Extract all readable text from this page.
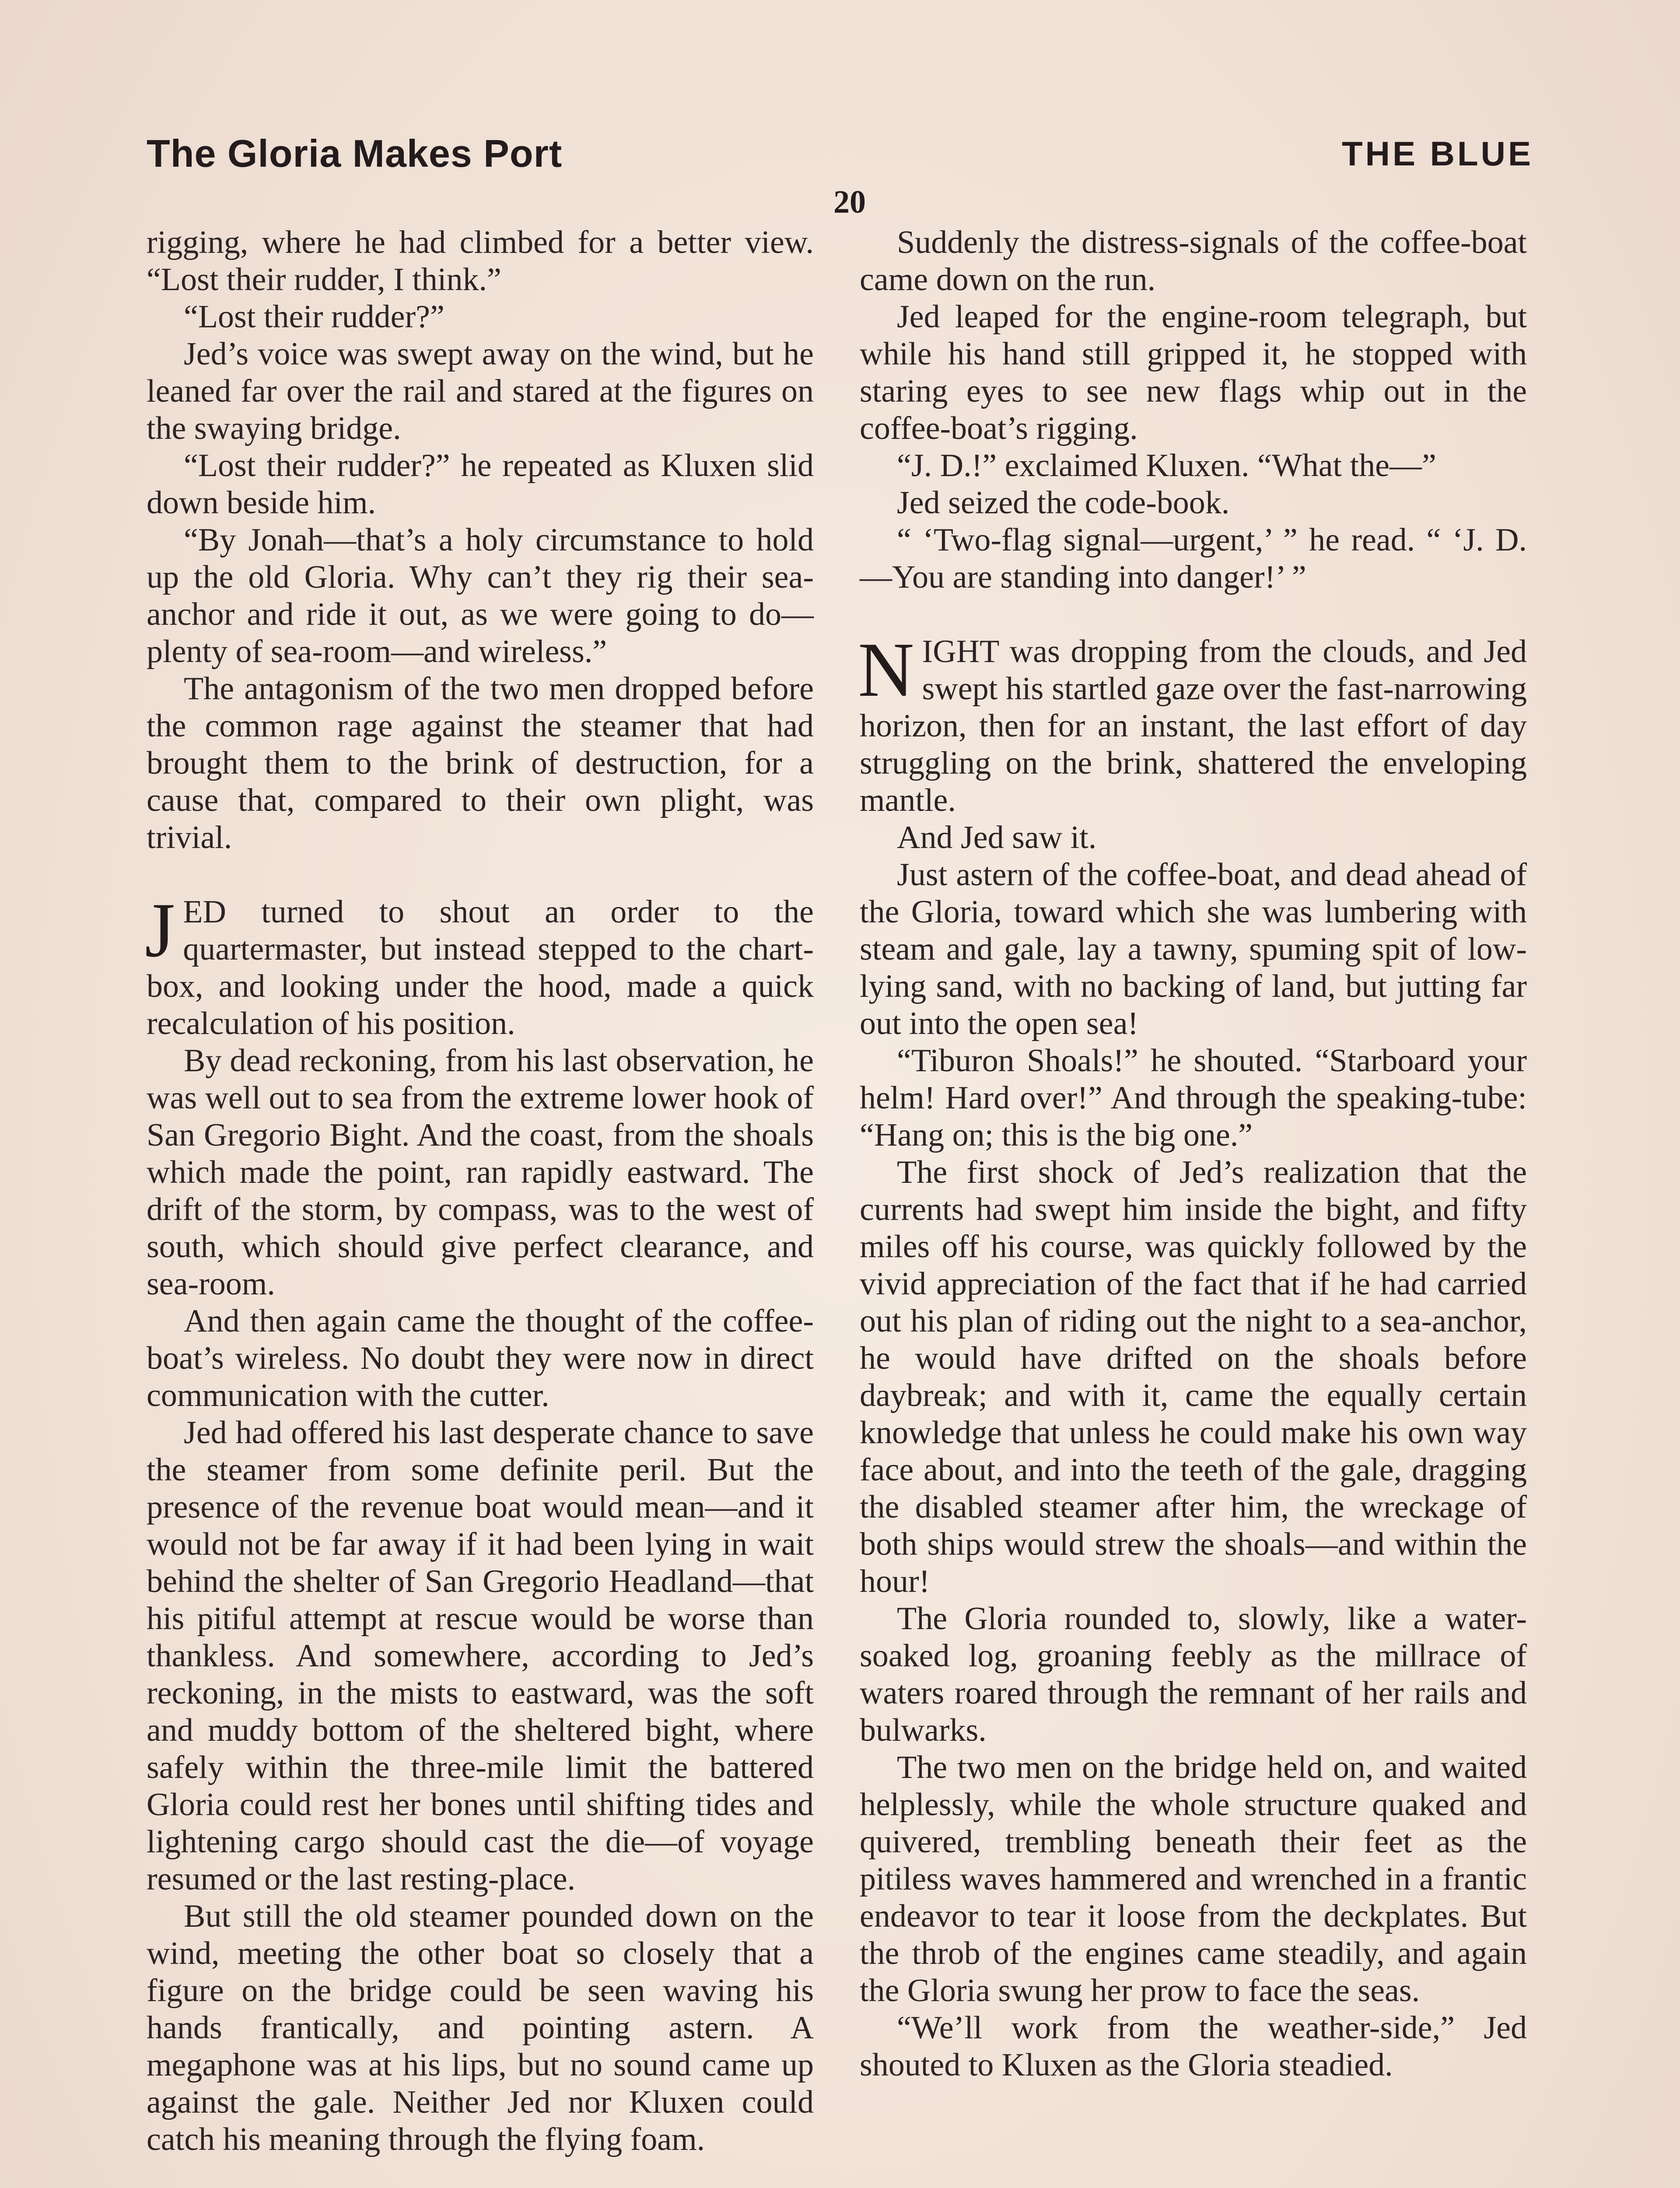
The Gloria Makes Port	THE BLUE
20

rigging, where he had climbed for a better view. “Lost their rudder, I think.”

“Lost their rudder?”

Jed’s voice was swept away on the wind, but he leaned far over the rail and stared at the figures on the swaying bridge.

“Lost their rudder?” he repeated as Kluxen slid down beside him.

“By Jonah—that’s a holy circumstance to hold up the old Gloria. Why can’t they rig their sea-anchor and ride it out, as we were going to do—plenty of sea-room—and wireless.”

The antagonism of the two men dropped before the common rage against the steamer that had brought them to the brink of destruction, for a cause that, compared to their own plight, was trivial.

JED turned to shout an order to the quartermaster, but instead stepped to the chart-box, and looking under the hood, made a quick recalculation of his position.

By dead reckoning, from his last observation, he was well out to sea from the extreme lower hook of San Gregorio Bight. And the coast, from the shoals which made the point, ran rapidly eastward. The drift of the storm, by compass, was to the west of south, which should give perfect clearance, and sea-room.

And then again came the thought of the coffee-boat’s wireless. No doubt they were now in direct communication with the cutter.

Jed had offered his last desperate chance to save the steamer from some definite peril. But the presence of the revenue boat would mean—and it would not be far away if it had been lying in wait behind the shelter of San Gregorio Headland—that his pitiful attempt at rescue would be worse than thankless. And somewhere, according to Jed’s reckoning, in the mists to eastward, was the soft and muddy bottom of the sheltered bight, where safely within the three-mile limit the battered Gloria could rest her bones until shifting tides and lightening cargo should cast the die—of voyage resumed or the last resting-place.

But still the old steamer pounded down on the wind, meeting the other boat so closely that a figure on the bridge could be seen waving his hands frantically, and pointing astern. A megaphone was at his lips, but no sound came up against the gale. Neither Jed nor Kluxen could catch his meaning through the flying foam.

Suddenly the distress-signals of the coffee-boat came down on the run.

Jed leaped for the engine-room telegraph, but while his hand still gripped it, he stopped with staring eyes to see new flags whip out in the coffee-boat’s rigging.

“J. D.!” exclaimed Kluxen. “What the—”

Jed seized the code-book.

“ ‘Two-flag signal—urgent,’ ” he read. “ ‘J. D.—You are standing into danger!’ ”

NIGHT was dropping from the clouds, and Jed swept his startled gaze over the fast-narrowing horizon, then for an instant, the last effort of day struggling on the brink, shattered the enveloping mantle.

And Jed saw it.

Just astern of the coffee-boat, and dead ahead of the Gloria, toward which she was lumbering with steam and gale, lay a tawny, spuming spit of low-lying sand, with no backing of land, but jutting far out into the open sea!

“Tiburon Shoals!” he shouted. “Starboard your helm! Hard over!” And through the speaking-tube: “Hang on; this is the big one.”

The first shock of Jed’s realization that the currents had swept him inside the bight, and fifty miles off his course, was quickly followed by the vivid appreciation of the fact that if he had carried out his plan of riding out the night to a sea-anchor, he would have drifted on the shoals before daybreak; and with it, came the equally certain knowledge that unless he could make his own way face about, and into the teeth of the gale, dragging the disabled steamer after him, the wreckage of both ships would strew the shoals—and within the hour!

The Gloria rounded to, slowly, like a water-soaked log, groaning feebly as the millrace of waters roared through the remnant of her rails and bulwarks.

The two men on the bridge held on, and waited helplessly, while the whole structure quaked and quivered, trembling beneath their feet as the pitiless waves hammered and wrenched in a frantic endeavor to tear it loose from the deckplates. But the throb of the engines came steadily, and again the Gloria swung her prow to face the seas.

“We’ll work from the weather-side,” Jed shouted to Kluxen as the Gloria steadied.
